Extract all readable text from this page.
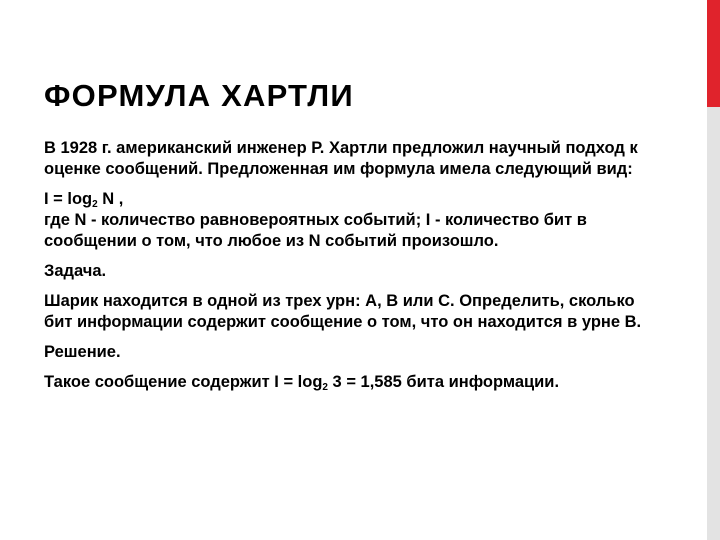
ФОРМУЛА ХАРТЛИ

В 1928 г. американский инженер Р. Хартли предложил научный подход к оценке сообщений. Предложенная им формула имела следующий вид:

$I = \log_2 N$ ,
где N - количество равновероятных событий; I - количество бит в сообщении о том, что любое из N событий произошло.

Задача.

Шарик находится в одной из трех урн: А, В или С. Определить, сколько бит информации содержит сообщение о том, что он находится в урне В.

Решение.

Такое сообщение содержит $I = \log_2 3 = 1,585$ бита информации.
